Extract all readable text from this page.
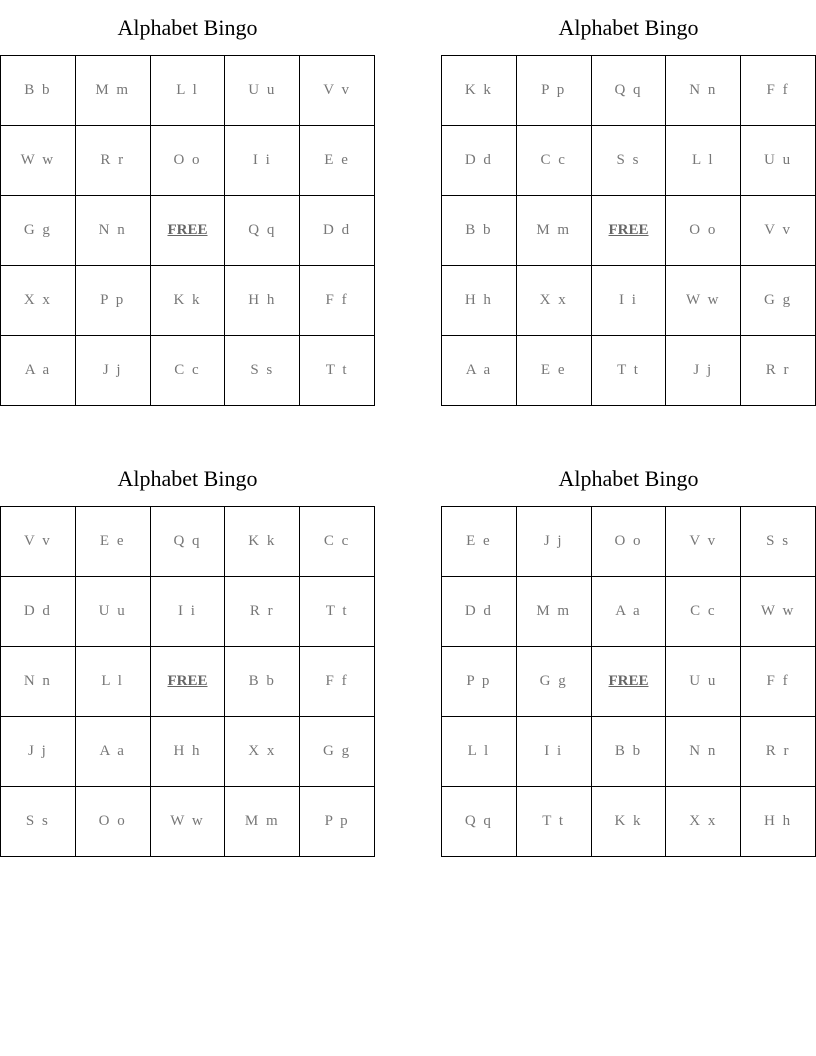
Alphabet Bingo
B b	M m	L l	U u	V v
W w	R r	O o	I i	E e
G g	N n	FREE	Q q	D d
X x	P p	K k	H h	F f
A a	J j	C c	S s	T t
Alphabet Bingo
K k	P p	Q q	N n	F f
D d	C c	S s	L l	U u
B b	M m	FREE	O o	V v
H h	X x	I i	W w	G g
A a	E e	T t	J j	R r
Alphabet Bingo
V v	E e	Q q	K k	C c
D d	U u	I i	R r	T t
N n	L l	FREE	B b	F f
J j	A a	H h	X x	G g
S s	O o	W w	M m	P p
Alphabet Bingo
E e	J j	O o	V v	S s
D d	M m	A a	C c	W w
P p	G g	FREE	U u	F f
L l	I i	B b	N n	R r
Q q	T t	K k	X x	H h
